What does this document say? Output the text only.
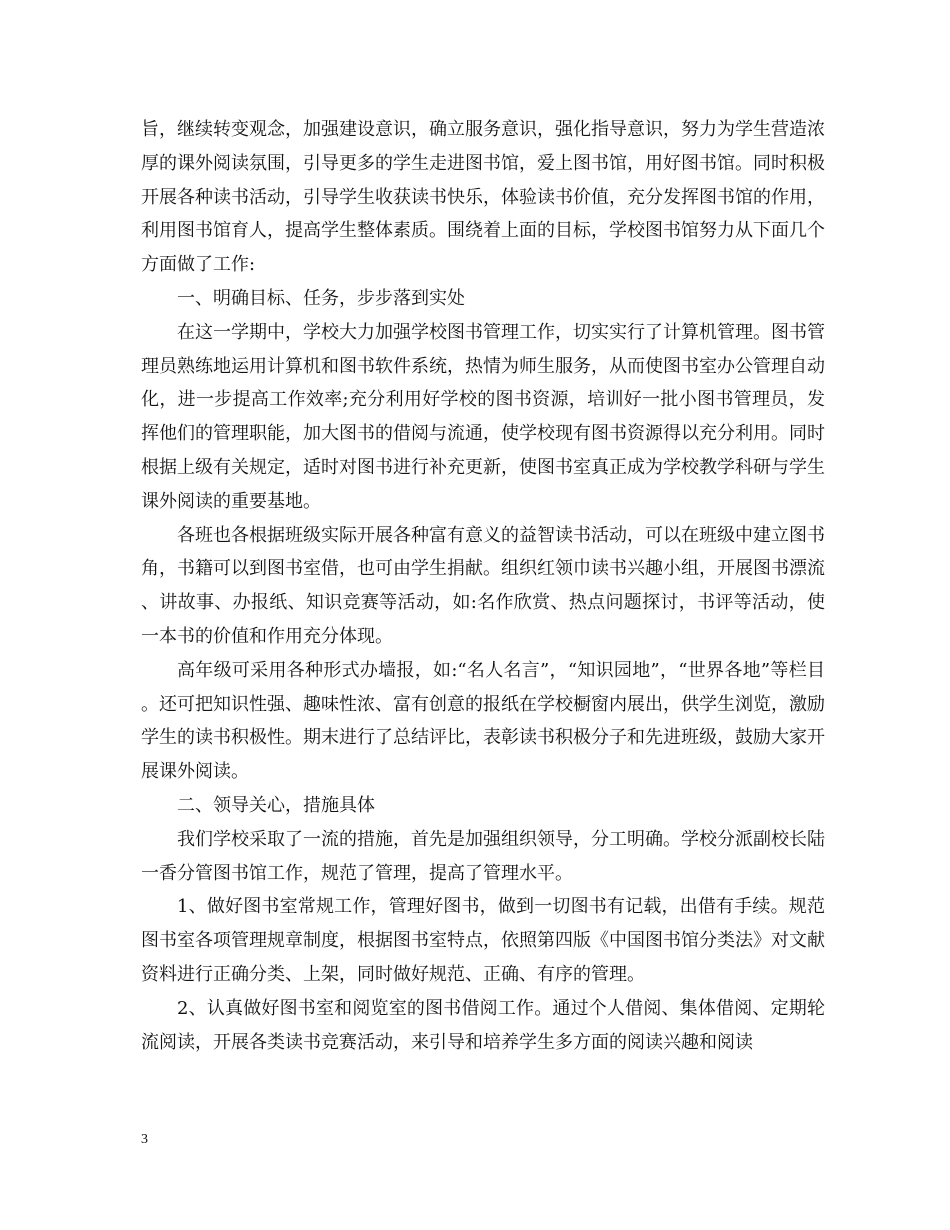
旨，继续转变观念，加强建设意识，确立服务意识，强化指导意识，努力为学生营造浓厚的课外阅读氛围，引导更多的学生走进图书馆，爱上图书馆，用好图书馆。同时积极开展各种读书活动，引导学生收获读书快乐，体验读书价值，充分发挥图书馆的作用，利用图书馆育人，提高学生整体素质。围绕着上面的目标，学校图书馆努力从下面几个方面做了工作:

一、明确目标、任务，步步落到实处

在这一学期中，学校大力加强学校图书管理工作，切实实行了计算机管理。图书管理员熟练地运用计算机和图书软件系统，热情为师生服务，从而使图书室办公管理自动化，进一步提高工作效率;充分利用好学校的图书资源，培训好一批小图书管理员，发挥他们的管理职能，加大图书的借阅与流通，使学校现有图书资源得以充分利用。同时根据上级有关规定，适时对图书进行补充更新，使图书室真正成为学校教学科研与学生课外阅读的重要基地。

各班也各根据班级实际开展各种富有意义的益智读书活动，可以在班级中建立图书角，书籍可以到图书室借，也可由学生捐献。组织红领巾读书兴趣小组，开展图书漂流、讲故事、办报纸、知识竞赛等活动，如:名作欣赏、热点问题探讨，书评等活动，使一本书的价值和作用充分体现。

高年级可采用各种形式办墙报，如:“名人名言”，“知识园地”，“世界各地”等栏目。还可把知识性强、趣味性浓、富有创意的报纸在学校橱窗内展出，供学生浏览，激励学生的读书积极性。期末进行了总结评比，表彰读书积极分子和先进班级，鼓励大家开展课外阅读。

二、领导关心，措施具体

我们学校采取了一流的措施，首先是加强组织领导，分工明确。学校分派副校长陆一香分管图书馆工作，规范了管理，提高了管理水平。

1、做好图书室常规工作，管理好图书，做到一切图书有记载，出借有手续。规范图书室各项管理规章制度，根据图书室特点，依照第四版《中国图书馆分类法》对文献资料进行正确分类、上架，同时做好规范、正确、有序的管理。

2、认真做好图书室和阅览室的图书借阅工作。通过个人借阅、集体借阅、定期轮流阅读，开展各类读书竞赛活动，来引导和培养学生多方面的阅读兴趣和阅读

3
